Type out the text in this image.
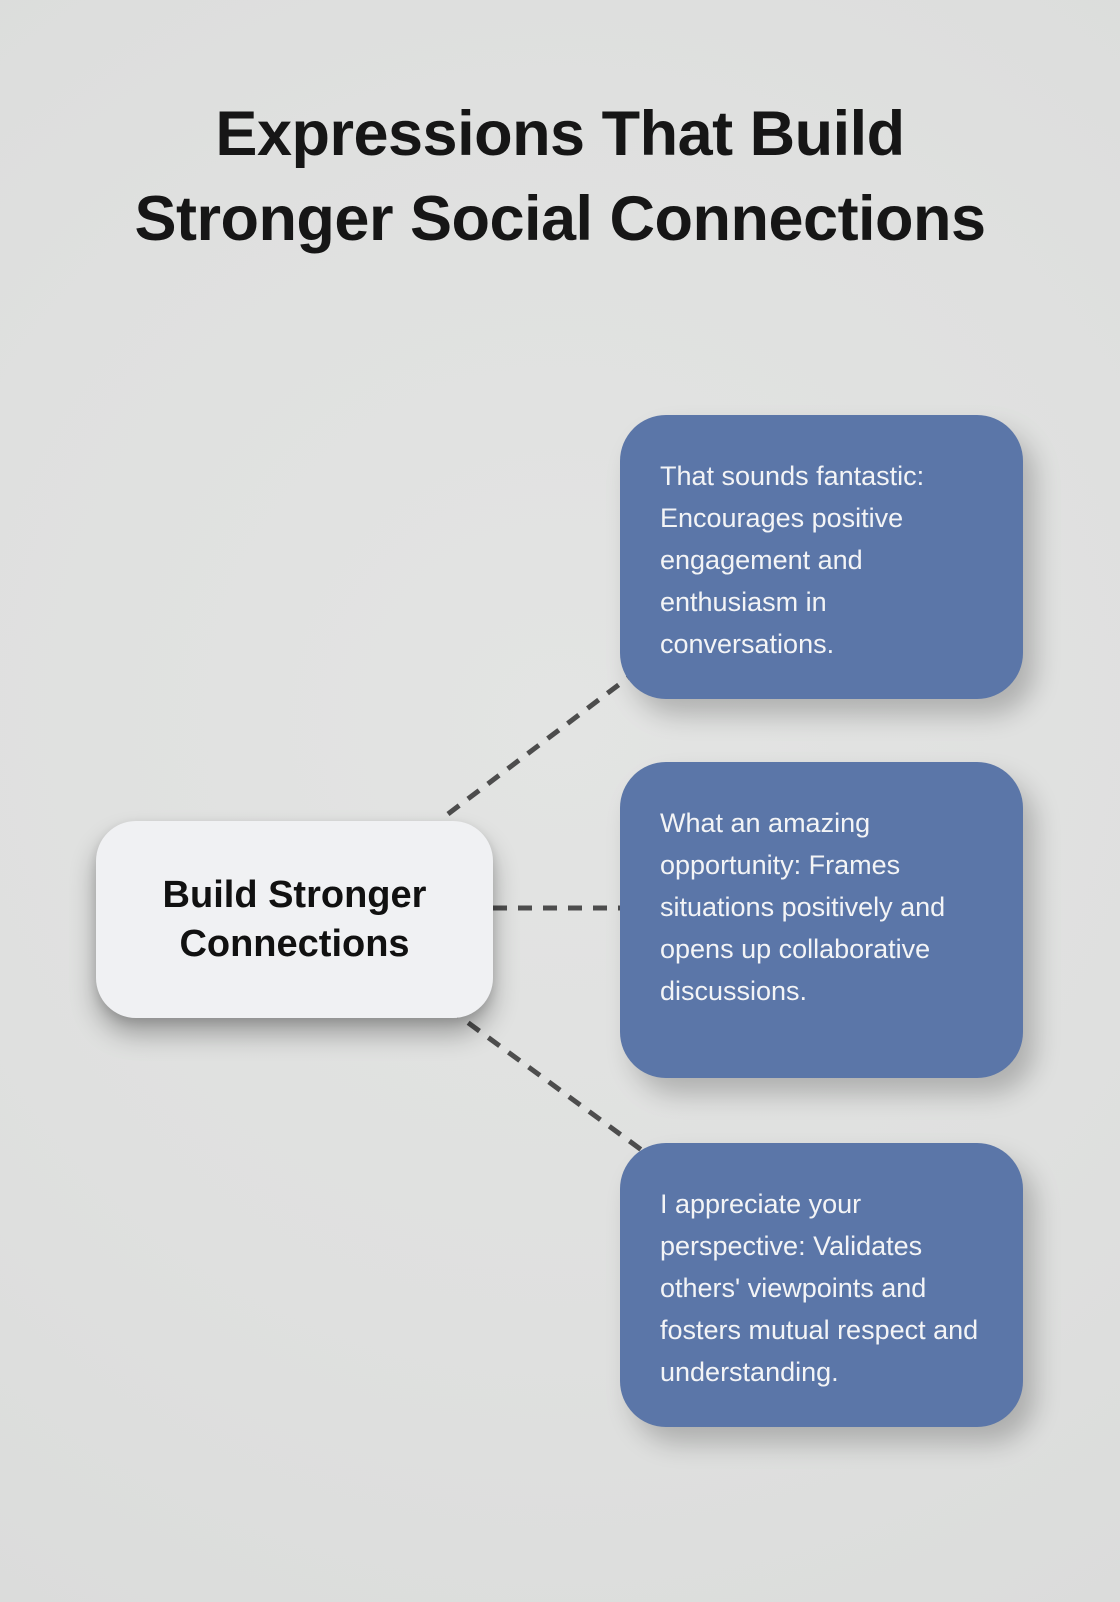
Expressions That Build Stronger Social Connections
Build Stronger Connections
That sounds fantastic: Encourages positive engagement and enthusiasm in conversations.
What an amazing opportunity: Frames situations positively and opens up collaborative discussions.
I appreciate your perspective: Validates others' viewpoints and fosters mutual respect and understanding.
